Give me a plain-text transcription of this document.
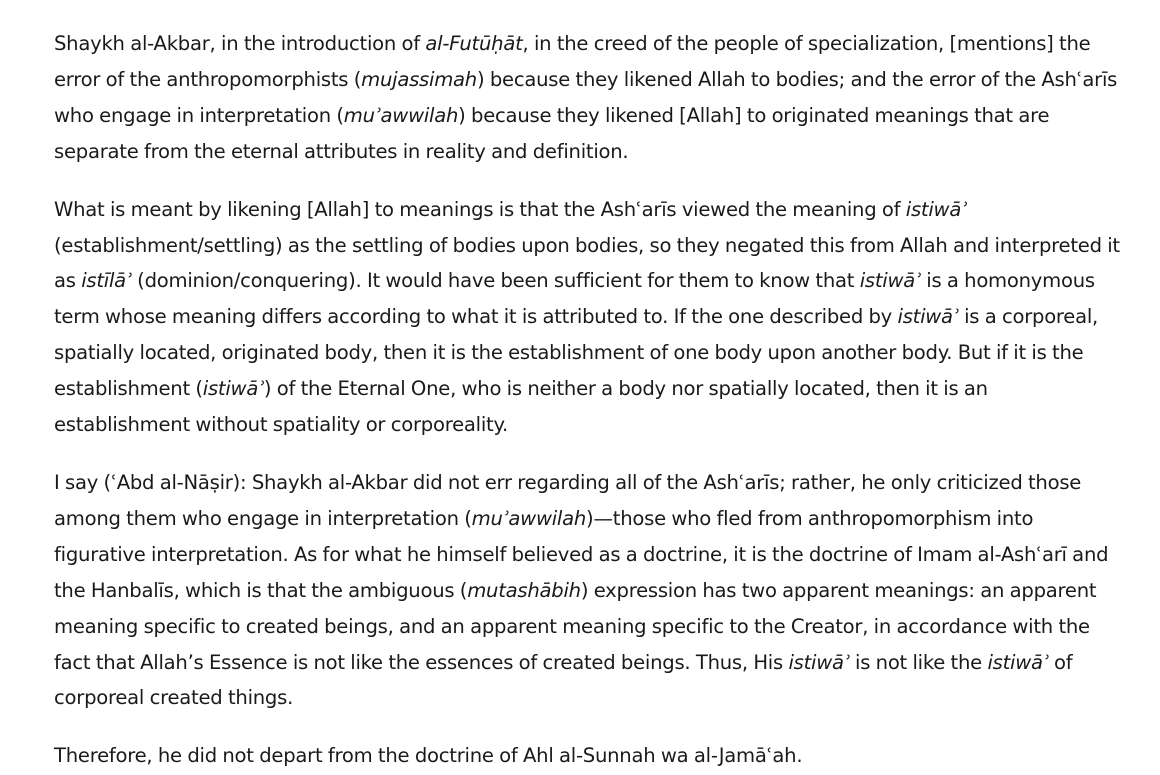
Shaykh al-Akbar, in the introduction of al-Futūḥāt, in the creed of the people of specialization, [mentions] the error of the anthropomorphists (mujassimah) because they likened Allah to bodies; and the error of the Ashʿarīs who engage in interpretation (muʾawwilah) because they likened [Allah] to originated meanings that are separate from the eternal attributes in reality and definition.

What is meant by likening [Allah] to meanings is that the Ashʿarīs viewed the meaning of istiwāʾ (establishment/settling) as the settling of bodies upon bodies, so they negated this from Allah and interpreted it as istīlāʾ (dominion/conquering). It would have been sufficient for them to know that istiwāʾ is a homonymous term whose meaning differs according to what it is attributed to. If the one described by istiwāʾ is a corporeal, spatially located, originated body, then it is the establishment of one body upon another body. But if it is the establishment (istiwāʾ) of the Eternal One, who is neither a body nor spatially located, then it is an establishment without spatiality or corporeality.

I say (ʿAbd al-Nāṣir): Shaykh al-Akbar did not err regarding all of the Ashʿarīs; rather, he only criticized those among them who engage in interpretation (muʾawwilah)—those who fled from anthropomorphism into figurative interpretation. As for what he himself believed as a doctrine, it is the doctrine of Imam al-Ashʿarī and the Hanbalīs, which is that the ambiguous (mutashābih) expression has two apparent meanings: an apparent meaning specific to created beings, and an apparent meaning specific to the Creator, in accordance with the fact that Allah’s Essence is not like the essences of created beings. Thus, His istiwāʾ is not like the istiwāʾ of corporeal created things.

Therefore, he did not depart from the doctrine of Ahl al-Sunnah wa al-Jamāʿah.
